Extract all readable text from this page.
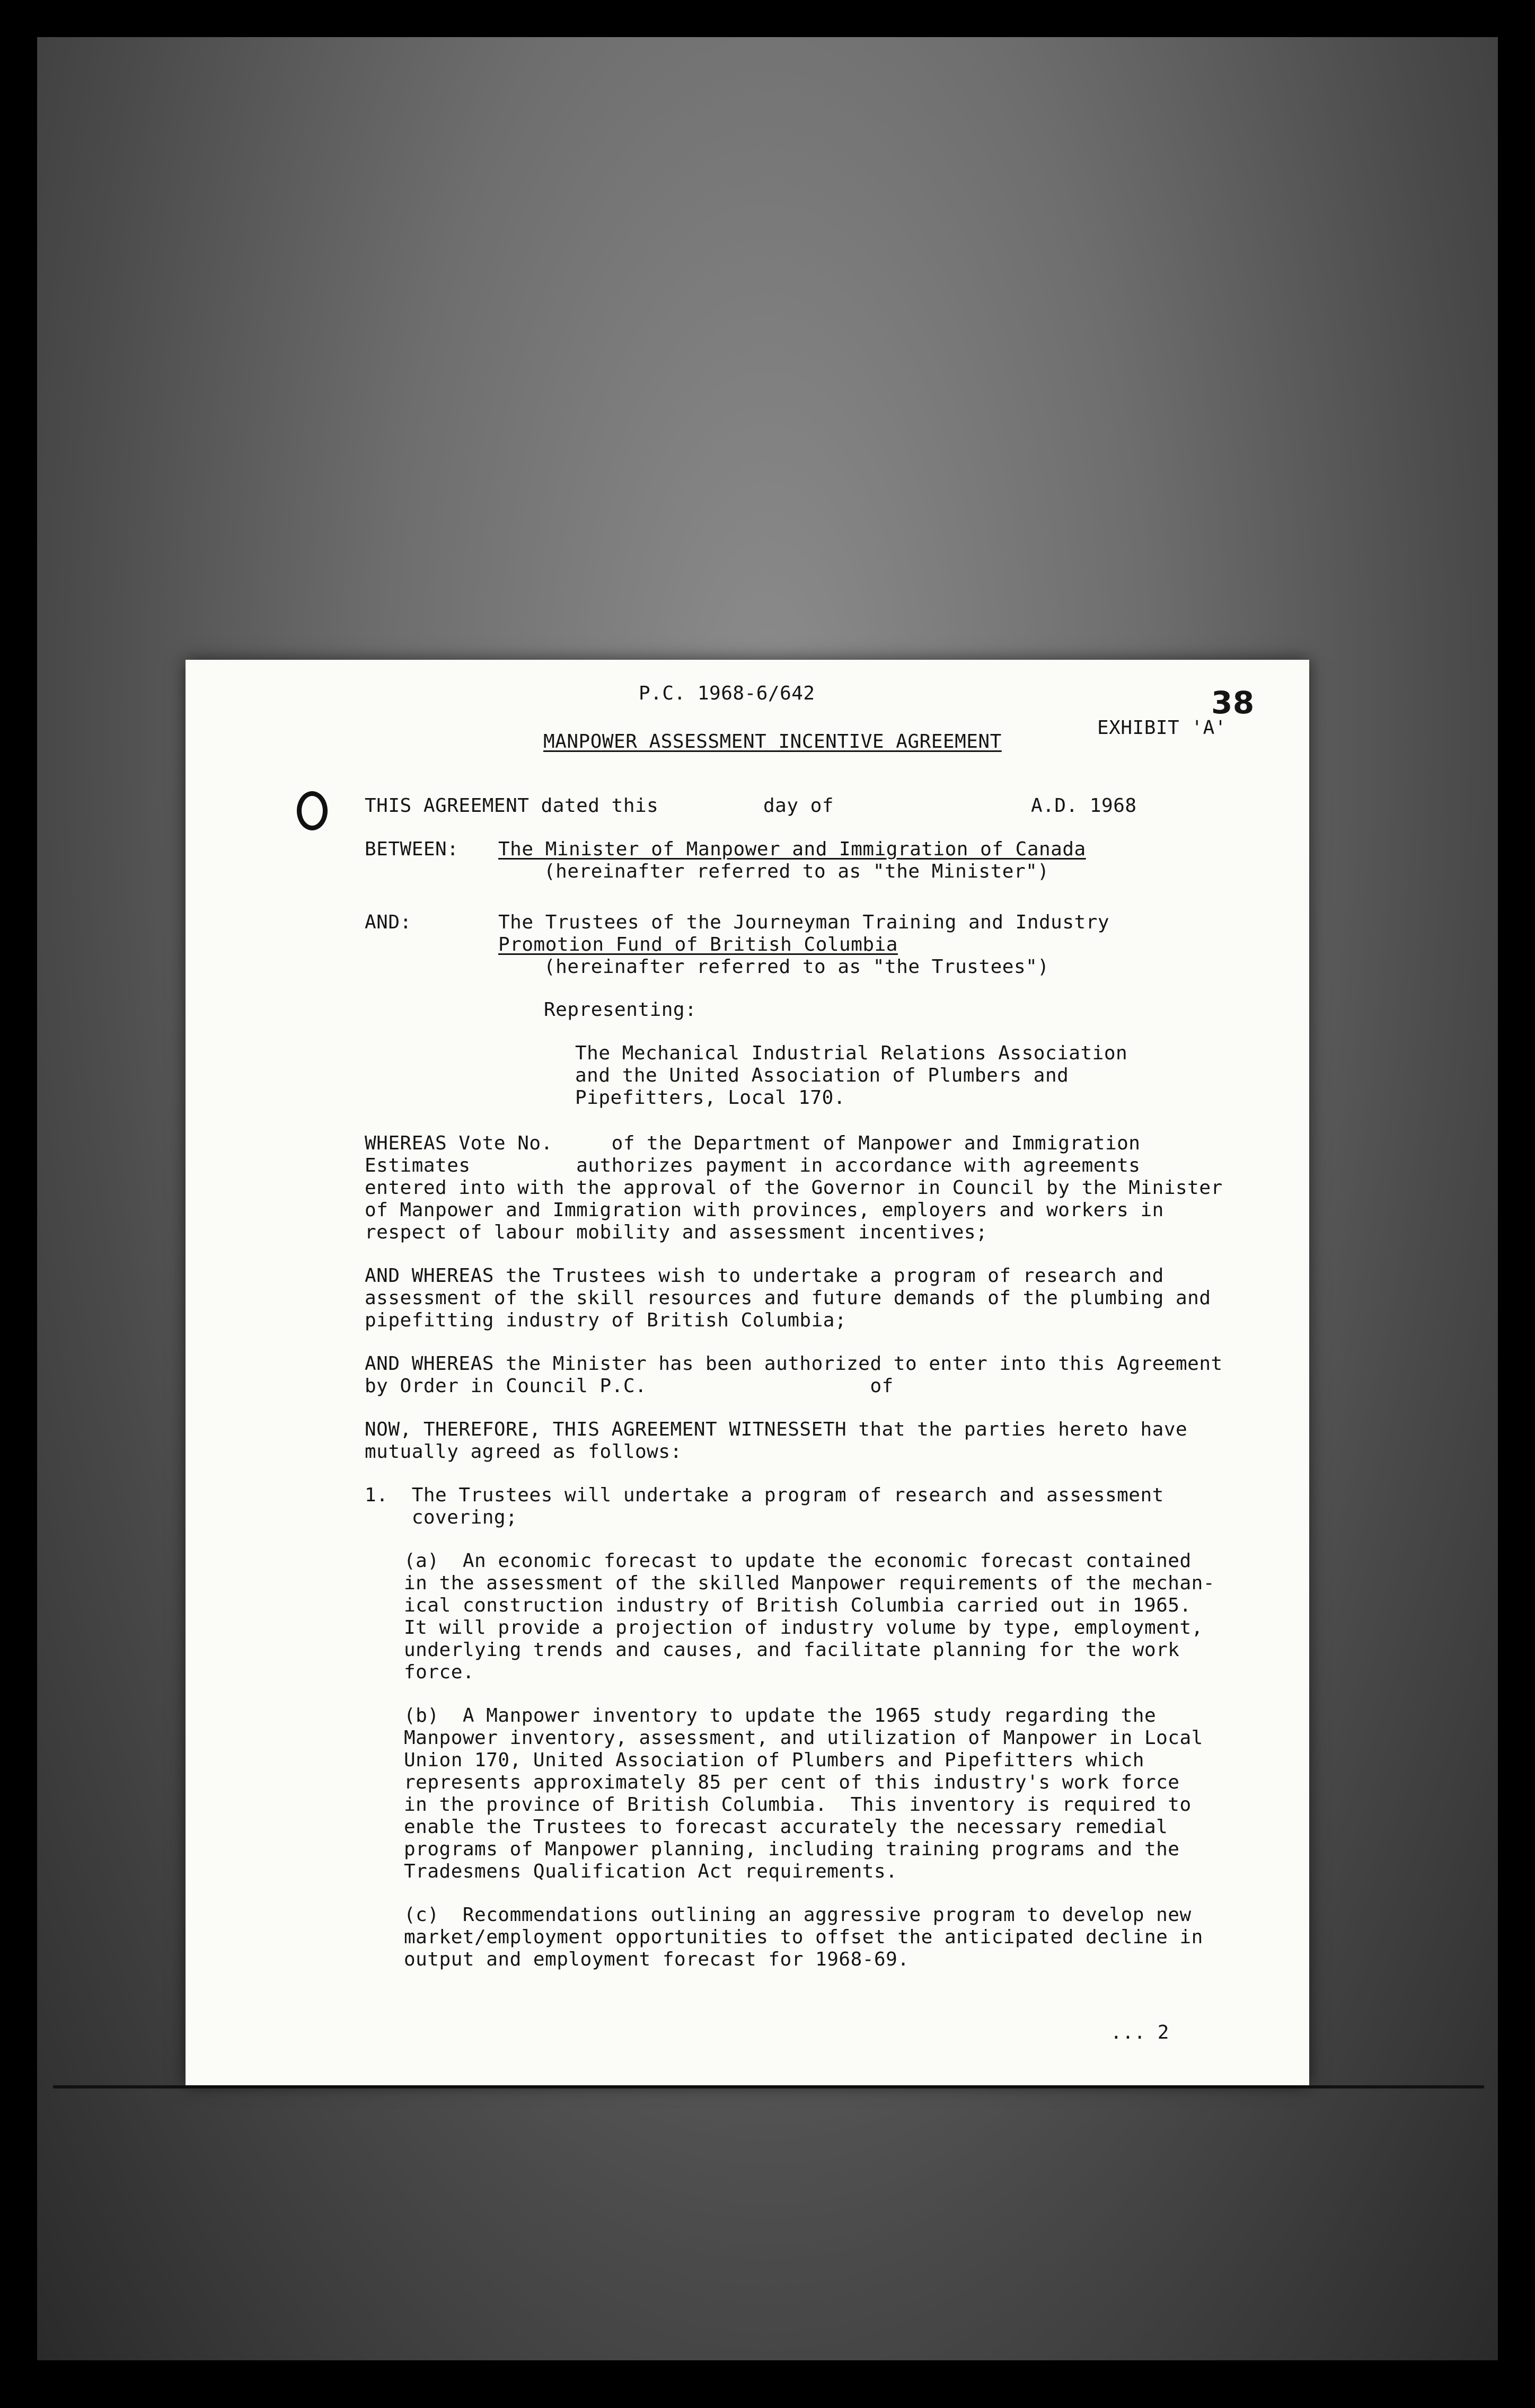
P.C. 1968-6/642
EXHIBIT 'A'
38
MANPOWER ASSESSMENT INCENTIVE AGREEMENT
THIS AGREEMENT dated this	day of	A.D. 1968
BETWEEN: The Minister of Manpower and Immigration of Canada
(hereinafter referred to as "the Minister")
AND:	The Trustees of the Journeyman Training and Industry
Promotion Fund of British Columbia
(hereinafter referred to as "the Trustees")
Representing:
The Mechanical Industrial Relations Association
and the United Association of Plumbers and
Pipefitters, Local 170.
WHEREAS Vote No.     of the Department of Manpower and Immigration
Estimates         authorizes payment in accordance with agreements
entered into with the approval of the Governor in Council by the Minister
of Manpower and Immigration with provinces, employers and workers in
respect of labour mobility and assessment incentives;
AND WHEREAS the Trustees wish to undertake a program of research and
assessment of the skill resources and future demands of the plumbing and
pipefitting industry of British Columbia;
AND WHEREAS the Minister has been authorized to enter into this Agreement
by Order in Council P.C.                   of
NOW, THEREFORE, THIS AGREEMENT WITNESSETH that the parties hereto have
mutually agreed as follows:
1.  The Trustees will undertake a program of research and assessment
covering;
(a)  An economic forecast to update the economic forecast contained
in the assessment of the skilled Manpower requirements of the mechan-
ical construction industry of British Columbia carried out in 1965.
It will provide a projection of industry volume by type, employment,
underlying trends and causes, and facilitate planning for the work
force.
(b)  A Manpower inventory to update the 1965 study regarding the
Manpower inventory, assessment, and utilization of Manpower in Local
Union 170, United Association of Plumbers and Pipefitters which
represents approximately 85 per cent of this industry's work force
in the province of British Columbia.  This inventory is required to
enable the Trustees to forecast accurately the necessary remedial
programs of Manpower planning, including training programs and the
Tradesmens Qualification Act requirements.
(c)  Recommendations outlining an aggressive program to develop new
market/employment opportunities to offset the anticipated decline in
output and employment forecast for 1968-69.
... 2
